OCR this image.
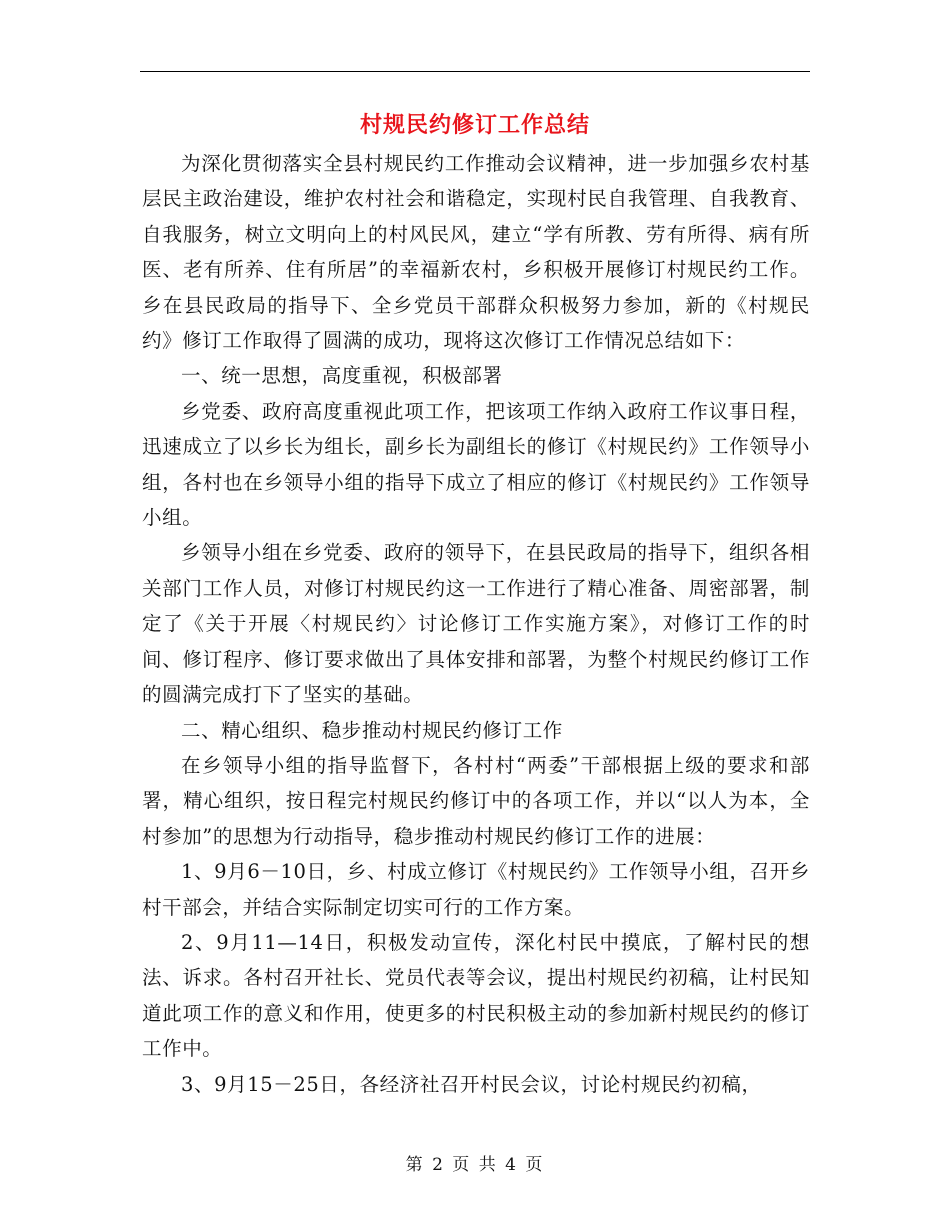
村规民约修订工作总结

为深化贯彻落实全县村规民约工作推动会议精神，进一步加强乡农村基层民主政治建设，维护农村社会和谐稳定，实现村民自我管理、自我教育、自我服务，树立文明向上的村风民风，建立“学有所教、劳有所得、病有所医、老有所养、住有所居”的幸福新农村，乡积极开展修订村规民约工作。乡在县民政局的指导下、全乡党员干部群众积极努力参加，新的《村规民约》修订工作取得了圆满的成功，现将这次修订工作情况总结如下：

一、统一思想，高度重视，积极部署

乡党委、政府高度重视此项工作，把该项工作纳入政府工作议事日程，迅速成立了以乡长为组长，副乡长为副组长的修订《村规民约》工作领导小组，各村也在乡领导小组的指导下成立了相应的修订《村规民约》工作领导小组。

乡领导小组在乡党委、政府的领导下，在县民政局的指导下，组织各相关部门工作人员，对修订村规民约这一工作进行了精心准备、周密部署，制定了《关于开展〈村规民约〉讨论修订工作实施方案》，对修订工作的时间、修订程序、修订要求做出了具体安排和部署，为整个村规民约修订工作的圆满完成打下了坚实的基础。

二、精心组织、稳步推动村规民约修订工作

在乡领导小组的指导监督下，各村村“两委”干部根据上级的要求和部署，精心组织，按日程完村规民约修订中的各项工作，并以“以人为本，全村参加”的思想为行动指导，稳步推动村规民约修订工作的进展：

1、9月6－10日，乡、村成立修订《村规民约》工作领导小组，召开乡村干部会，并结合实际制定切实可行的工作方案。

2、9月11—14日，积极发动宣传，深化村民中摸底，了解村民的想法、诉求。各村召开社长、党员代表等会议，提出村规民约初稿，让村民知道此项工作的意义和作用，使更多的村民积极主动的参加新村规民约的修订工作中。

3、9月15－25日，各经济社召开村民会议，讨论村规民约初稿，

第 2 页 共 4 页
